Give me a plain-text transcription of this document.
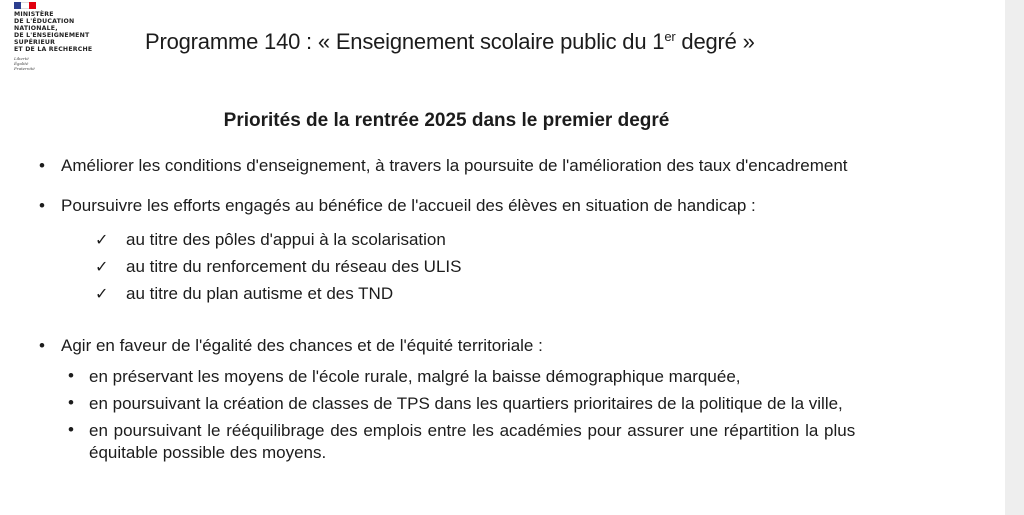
MINISTÈRE
DE L'ÉDUCATION
NATIONALE,
DE L'ENSEIGNEMENT
SUPÉRIEUR
ET DE LA RECHERCHE
Liberté
Égalité
Fraternité
Programme 140 : « Enseignement scolaire public du 1er degré »
Priorités de la rentrée 2025 dans le premier degré
• Améliorer les conditions d'enseignement, à travers la poursuite de l'amélioration des taux d'encadrement
• Poursuivre les efforts engagés au bénéfice de l'accueil des élèves en situation de handicap :
✓ au titre des pôles d'appui à la scolarisation
✓ au titre du renforcement du réseau des ULIS
✓ au titre du plan autisme et des TND
• Agir en faveur de l'égalité des chances et de l'équité territoriale :
• en préservant les moyens de l'école rurale, malgré la baisse démographique marquée,
• en poursuivant la création de classes de TPS dans les quartiers prioritaires de la politique de la ville,
• en poursuivant le rééquilibrage des emplois entre les académies pour assurer une répartition la plus
équitable possible des moyens.
